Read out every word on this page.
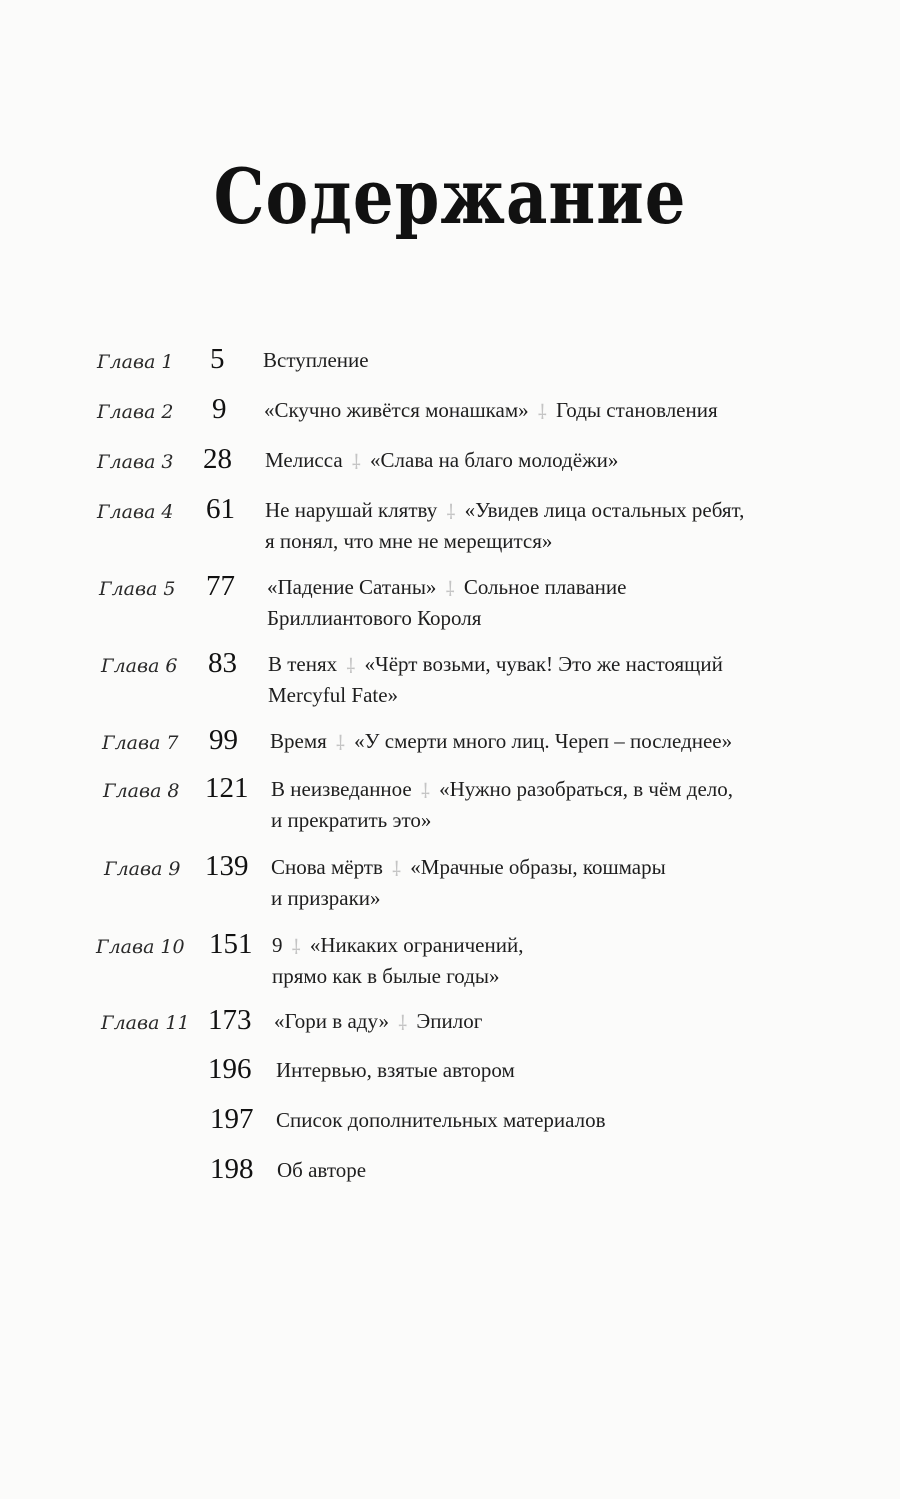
Содержание
Глава 1	5 Вступление
Глава 2	9 «Скучно живётся монашкам» ⸸ Годы становления
Глава 3	28 Мелисса ⸸ «Слава на благо молодёжи»
Глава 4	61 Не нарушай клятву ⸸ «Увидев лица остальных ребят,
я понял, что мне не мерещится»
Глава 5	77 «Падение Сатаны» ⸸ Сольное плавание
Бриллиантового Короля
Глава 6	83 В тенях ⸸ «Чёрт возьми, чувак! Это же настоящий
Mercyful Fate»
Глава 7	99 Время ⸸ «У смерти много лиц. Череп – последнее»
Глава 8 121 В неизведанное ⸸ «Нужно разобраться, в чём дело,
и прекратить это»
Глава 9 139 Снова мёртв ⸸ «Мрачные образы, кошмары
и призраки»
Глава 10 151 9 ⸸ «Никаких ограничений,
прямо как в былые годы»
Глава 11 173 «Гори в аду» ⸸ Эпилог
196 Интервью, взятые автором
197 Список дополнительных материалов
198 Об авторе
